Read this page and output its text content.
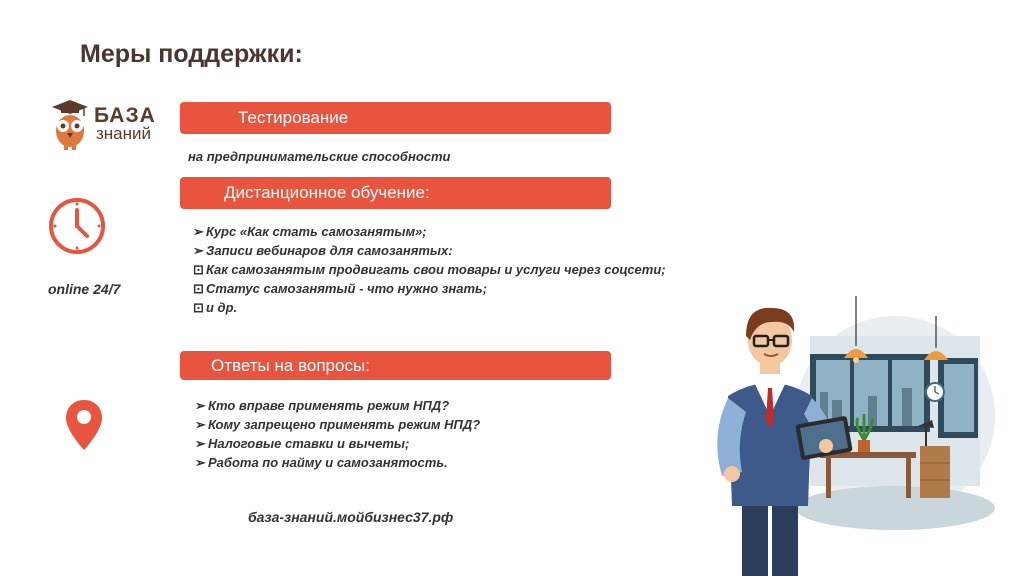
Меры поддержки:
БАЗА
знаний
Тестирование
на предпринимательские способности
Дистанционное обучение:
online 24/7
➢ Курс «Как стать самозанятым»;
➢ Записи вебинаров для самозанятых:
⊡ Как самозанятым продвигать свои товары и услуги через соцсети;
⊡ Статус самозанятый - что нужно знать;
⊡ и др.
Ответы на вопросы:
➢ Кто вправе применять режим НПД?
➢ Кому запрещено применять режим НПД?
➢ Налоговые ставки и вычеты;
➢ Работа по найму и самозанятость.
база-знаний.мойбизнес37.рф
